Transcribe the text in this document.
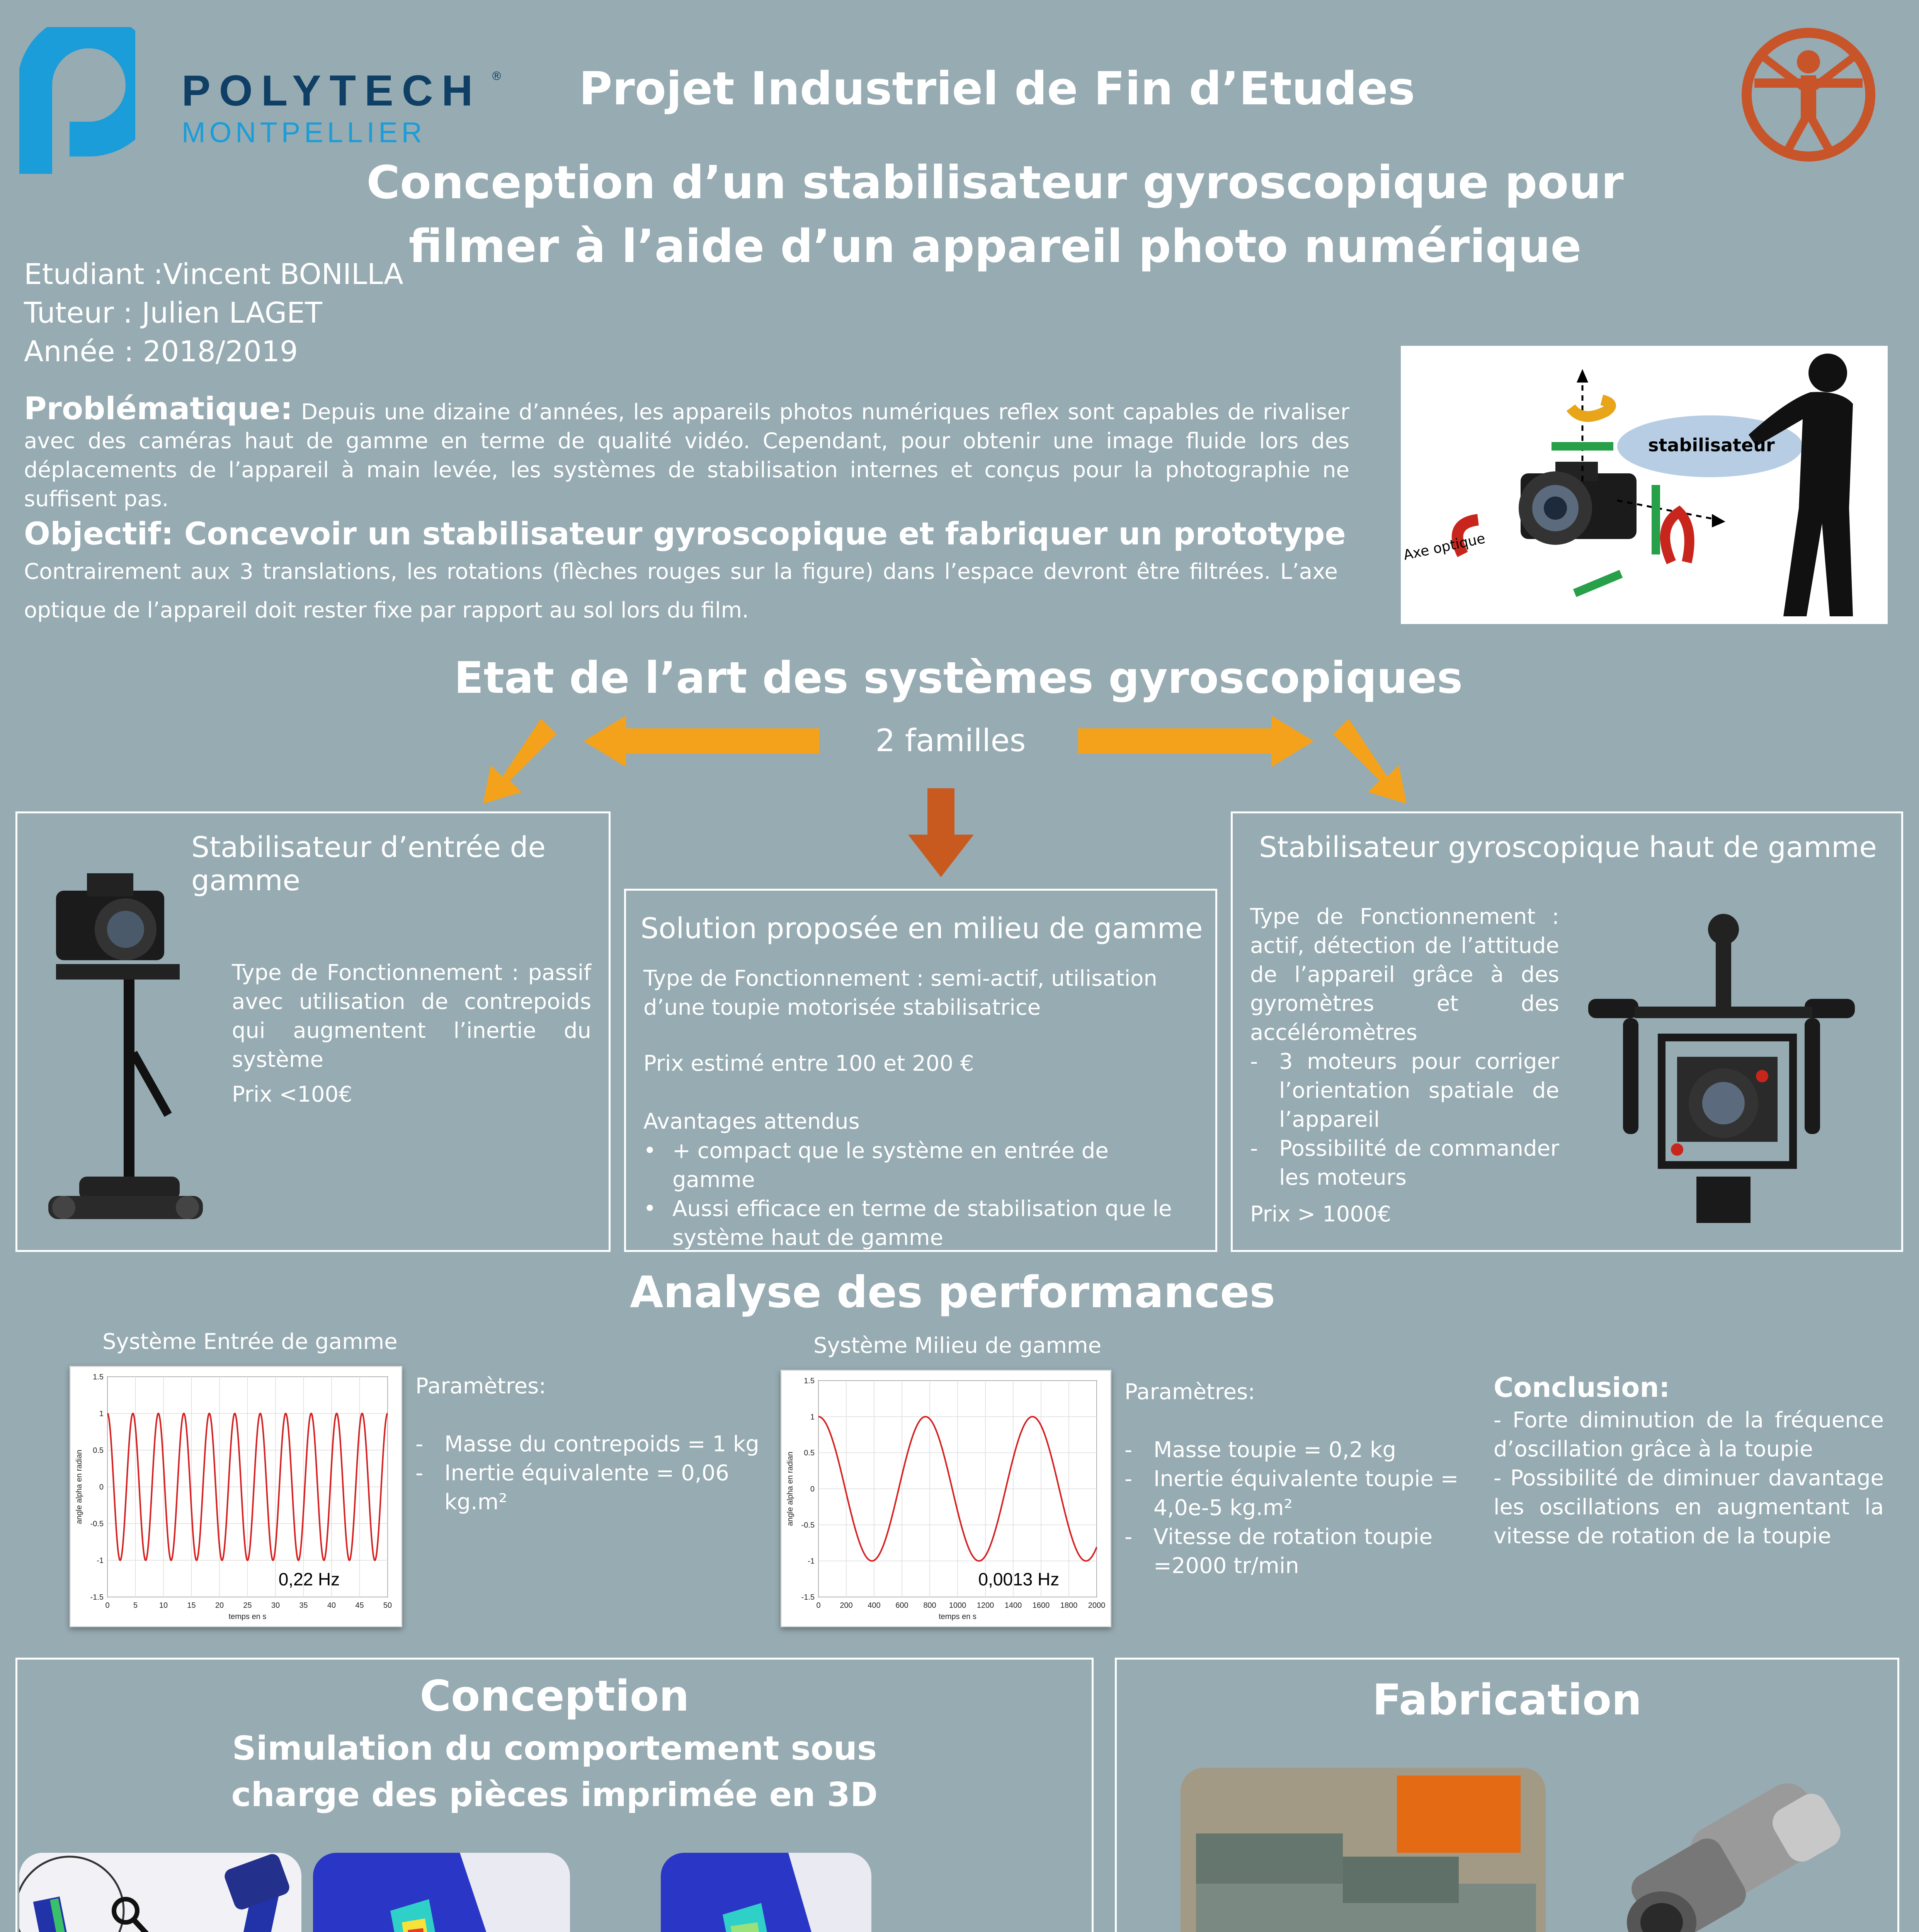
POLYTECH ®
MONTPELLIER
Projet Industriel de Fin d’Etudes
Conception d’un stabilisateur gyroscopique pour
filmer à l’aide d’un appareil photo numérique
Etudiant :Vincent BONILLA
Tuteur : Julien LAGET
Année : 2018/2019
Problématique: Depuis une dizaine d’années, les appareils photos numériques reflex sont capables de rivaliser avec des caméras haut de gamme en terme de qualité vidéo. Cependant, pour obtenir une image fluide lors des déplacements de l’appareil à main levée, les systèmes de stabilisation internes et conçus pour la photographie ne suffisent pas.
Objectif: Concevoir un stabilisateur gyroscopique et fabriquer un prototype
Contrairement aux 3 translations, les rotations (flèches rouges sur la figure) dans l’espace devront être filtrées. L’axe optique de l’appareil doit rester fixe par rapport au sol lors du film.
stabilisateur
Axe optique
Etat de l’art des systèmes gyroscopiques
2 familles
Stabilisateur d’entrée de gamme
Type de Fonctionnement : passif avec utilisation de contrepoids qui augmentent l’inertie du système
Prix <100€
Solution proposée en milieu de gamme
Type de Fonctionnement : semi-actif, utilisation d’une toupie motorisée stabilisatrice
Prix estimé entre 100 et 200 €
Avantages attendus
• + compact que le système en entrée de gamme
• Aussi efficace en terme de stabilisation que le système haut de gamme
Stabilisateur gyroscopique haut de gamme
Type de Fonctionnement : actif, détection de l’attitude de l’appareil grâce à des gyromètres et des accéléromètres
- 3 moteurs pour corriger l’orientation spatiale de l’appareil
- Possibilité de commander les moteurs
Prix > 1000€
Analyse des performances
Système Entrée de gamme
0	5	10	15	20	25	30	35	40	45	50
1.5
1
0.5
0
-0.5
-1
-1.5
temps en s
angle alpha en radian
0,22 Hz
Paramètres:
- Masse du contrepoids = 1 kg
- Inertie équivalente = 0,06 kg.m²
Système Milieu de gamme
0 200 400 600 800 1000 1200 1400 1600 1800 2000
1.5
1
0.5
0
-0.5
-1
-1.5
temps en s
angle alpha en radian
0,0013 Hz
Paramètres:
- Masse toupie = 0,2 kg
- Inertie équivalente toupie = 4,0e-5 kg.m²
- Vitesse de rotation toupie =2000 tr/min
Conclusion:
- Forte diminution de la fréquence d’oscillation grâce à la toupie
- Possibilité de diminuer davantage les oscillations en augmentant la vitesse de rotation de la toupie
Conception
Simulation du comportement sous
charge des pièces imprimée en 3D
Fabrication
